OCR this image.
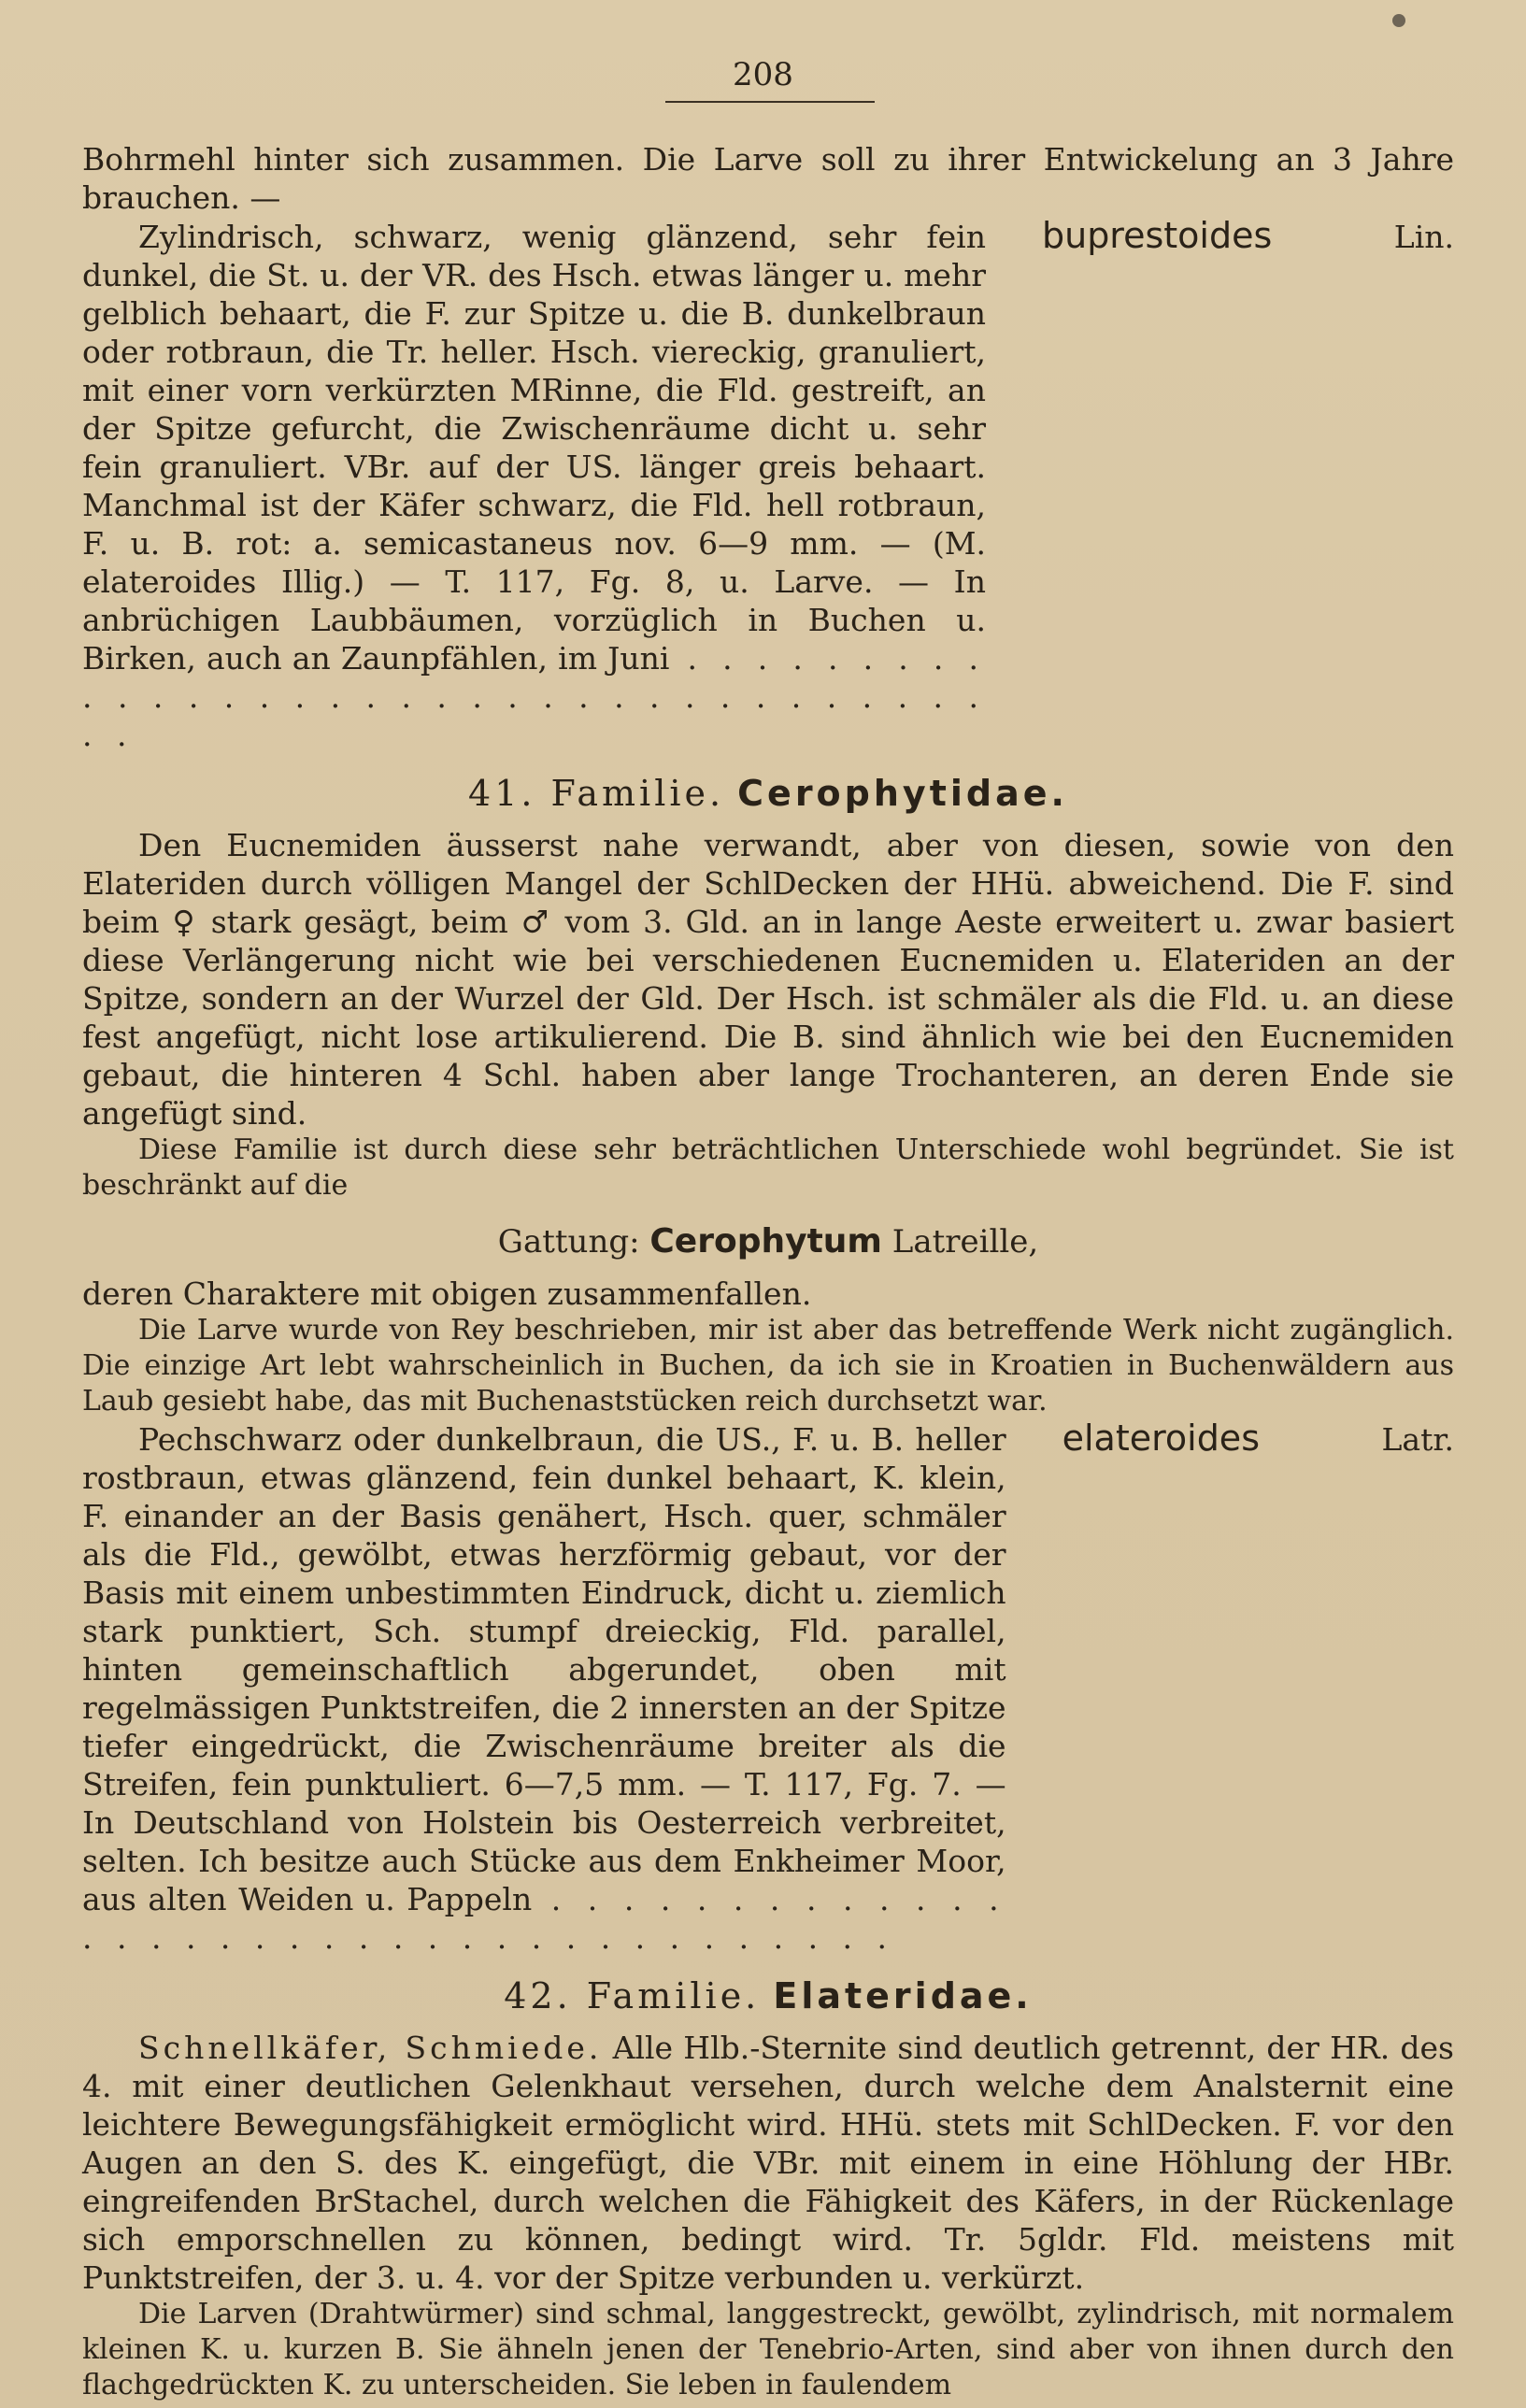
208

Bohrmehl hinter sich zusammen. Die Larve soll zu ihrer Entwickelung an 3 Jahre brauchen. —

Zylindrisch, schwarz, wenig glänzend, sehr fein dunkel, die St. u. der VR. des Hsch. etwas länger u. mehr gelblich behaart, die F. zur Spitze u. die B. dunkelbraun oder rotbraun, die Tr. heller. Hsch. viereckig, granuliert, mit einer vorn verkürzten MRinne, die Fld. gestreift, an der Spitze gefurcht, die Zwischenräume dicht u. sehr fein granuliert. VBr. auf der US. länger greis behaart. Manchmal ist der Käfer schwarz, die Fld. hell rotbraun, F. u. B. rot: a. semicastaneus nov. 6—9 mm. — (M. elateroides Illig.) — T. 117, Fg. 8, u. Larve. — In anbrüchigen Laubbäumen, vorzüglich in Buchen u. Birken, auch an Zaunpfählen, im Juni . . .
buprestoides
	Lin.
41. Familie. Cerophytidae.

Den Eucnemiden äusserst nahe verwandt, aber von diesen, sowie von den Elateriden durch völligen Mangel der SchlDecken der HHü. abweichend. Die F. sind beim ♀ stark gesägt, beim ♂ vom 3. Gld. an in lange Aeste erweitert u. zwar basiert diese Verlängerung nicht wie bei verschiedenen Eucnemiden u. Elateriden an der Spitze, sondern an der Wurzel der Gld. Der Hsch. ist schmäler als die Fld. u. an diese fest angefügt, nicht lose artikulierend. Die B. sind ähnlich wie bei den Eucnemiden gebaut, die hinteren 4 Schl. haben aber lange Trochanteren, an deren Ende sie angefügt sind.

Diese Familie ist durch diese sehr beträchtlichen Unterschiede wohl begründet. Sie ist beschränkt auf die

Gattung: Cerophytum Latreille,

deren Charaktere mit obigen zusammenfallen.

Die Larve wurde von Rey beschrieben, mir ist aber das betreffende Werk nicht zugänglich. Die einzige Art lebt wahrscheinlich in Buchen, da ich sie in Kroatien in Buchenwäldern aus Laub gesiebt habe, das mit Buchenaststücken reich durchsetzt war.

Pechschwarz oder dunkelbraun, die US., F. u. B. heller rostbraun, etwas glänzend, fein dunkel behaart, K. klein, F. einander an der Basis genähert, Hsch. quer, schmäler als die Fld., gewölbt, etwas herzförmig gebaut, vor der Basis mit einem unbestimmten Eindruck, dicht u. ziemlich stark punktiert, Sch. stumpf dreieckig, Fld. parallel, hinten gemeinschaftlich abgerundet, oben mit regelmässigen Punktstreifen, die 2 innersten an der Spitze tiefer eingedrückt, die Zwischenräume breiter als die Streifen, fein punktuliert. 6—7,5 mm. — T. 117, Fg. 7. — In Deutschland von Holstein bis Oesterreich verbreitet, selten. Ich besitze auch Stücke aus dem Enkheimer Moor, aus alten Weiden u. Pappeln . . .
elateroides
	Latr.
42. Familie. Elateridae.

Schnellkäfer, Schmiede. Alle Hlb.-Sternite sind deutlich getrennt, der HR. des 4. mit einer deutlichen Gelenkhaut versehen, durch welche dem Analsternit eine leichtere Bewegungsfähigkeit ermöglicht wird. HHü. stets mit SchlDecken. F. vor den Augen an den S. des K. eingefügt, die VBr. mit einem in eine Höhlung der HBr. eingreifenden BrStachel, durch welchen die Fähigkeit des Käfers, in der Rückenlage sich emporschnellen zu können, bedingt wird. Tr. 5gldr. Fld. meistens mit Punktstreifen, der 3. u. 4. vor der Spitze verbunden u. verkürzt.

Die Larven (Drahtwürmer) sind schmal, langgestreckt, gewölbt, zylindrisch, mit normalem kleinen K. u. kurzen B. Sie ähneln jenen der Tenebrio-Arten, sind aber von ihnen durch den flachgedrückten K. zu unterscheiden. Sie leben in faulendem
